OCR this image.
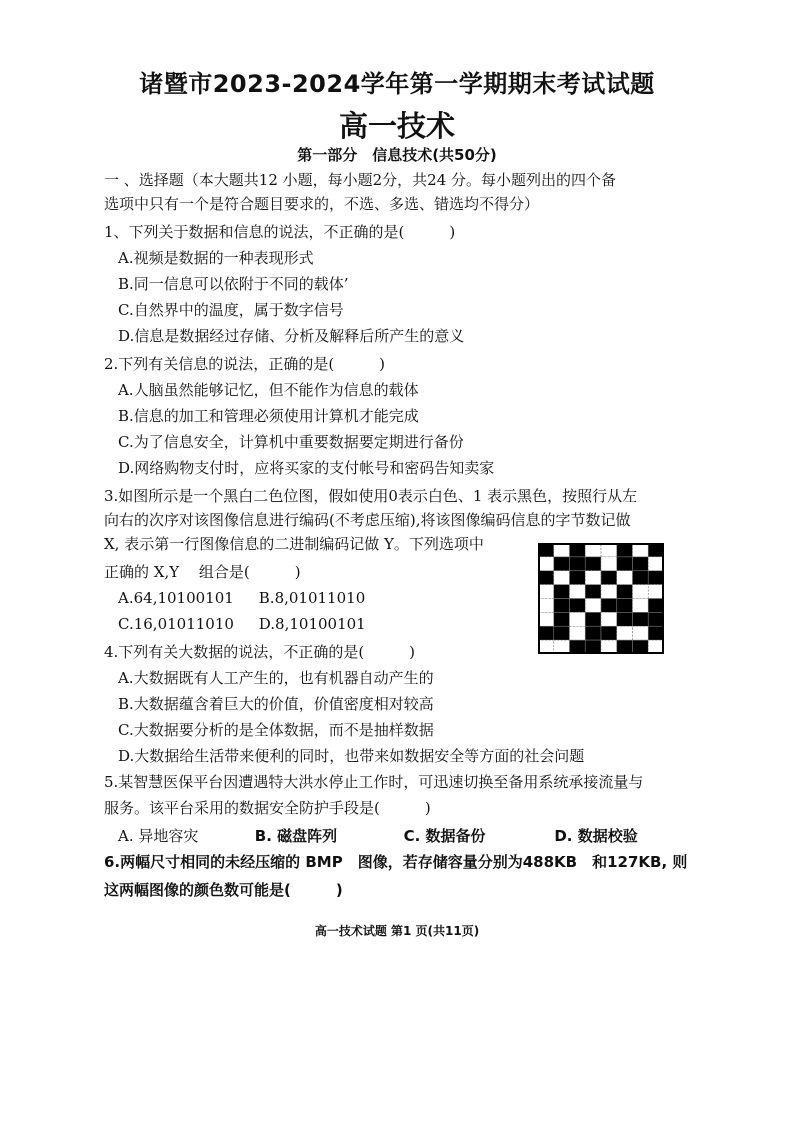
诸暨市2023-2024学年第一学期期末考试试题
高一技术
第一部分　信息技术(共50分)
一 、选择题（本大题共12 小题，每小题2分，共24 分。每小题列出的四个备
选项中只有一个是符合题目要求的，不选、多选、错选均不得分）
1、下列关于数据和信息的说法，不正确的是(　　　)
A.视频是数据的一种表现形式
B.同一信息可以依附于不同的载体’
C.自然界中的温度，属于数字信号
D.信息是数据经过存储、分析及解释后所产生的意义
2.下列有关信息的说法，正确的是(　　　)
A.人脑虽然能够记忆，但不能作为信息的载体
B.信息的加工和管理必须使用计算机才能完成
C.为了信息安全，计算机中重要数据要定期进行备份
D.网络购物支付时，应将买家的支付帐号和密码告知卖家
3.如图所示是一个黑白二色位图，假如使用0表示白色、1 表示黑色，按照行从左
向右的次序对该图像信息进行编码(不考虑压缩),将该图像编码信息的字节数记做
X, 表示第一行图像信息的二进制编码记做 Y。下列选项中
正确的 X,Y　 组合是(　　　)
A.64,10100101 B.8,01011010
C.16,01011010 D.8,10100101
4.下列有关大数据的说法，不正确的是(　　　)
A.大数据既有人工产生的，也有机器自动产生的
B.大数据蕴含着巨大的价值，价值密度相对较高
C.大数据要分析的是全体数据，而不是抽样数据
D.大数据给生活带来便利的同时，也带来如数据安全等方面的社会问题
5.某智慧医保平台因遭遇特大洪水停止工作时，可迅速切换至备用系统承接流量与
服务。该平台采用的数据安全防护手段是(　　　)
A. 异地容灾	B. 磁盘阵列	C. 数据备份	D. 数据校验
6.两幅尺寸相同的未经压缩的 BMP　图像，若存储容量分别为488KB　和127KB, 则
这两幅图像的颜色数可能是(　　　)
高一技术试题 第1 页(共11页)
